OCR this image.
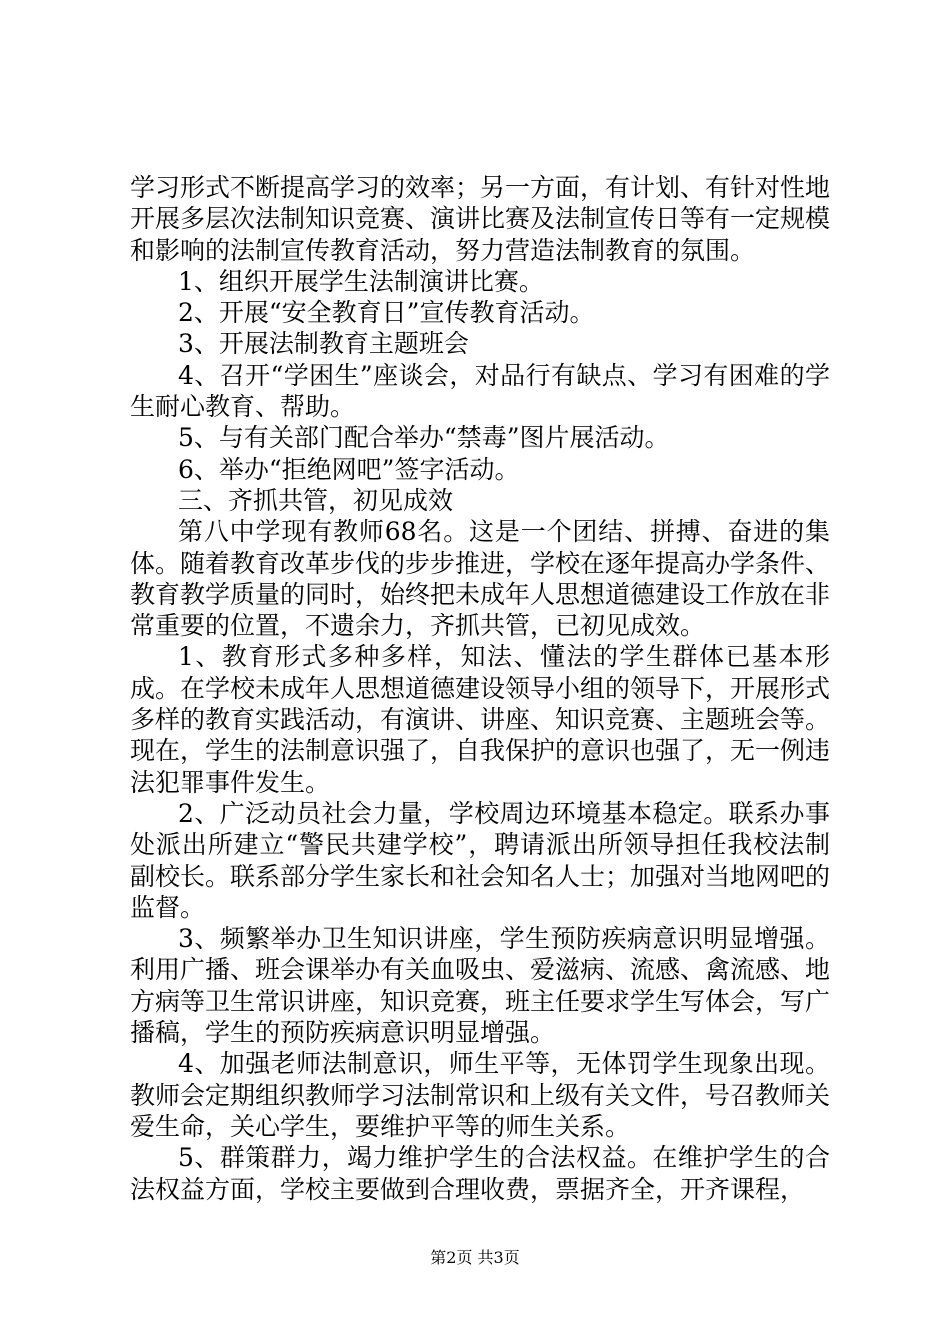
学习形式不断提高学习的效率；另一方面，有计划、有针对性地开展多层次法制知识竞赛、演讲比赛及法制宣传日等有一定规模和影响的法制宣传教育活动，努力营造法制教育的氛围。

1、组织开展学生法制演讲比赛。

2、开展“安全教育日”宣传教育活动。

3、开展法制教育主题班会

4、召开“学困生”座谈会，对品行有缺点、学习有困难的学生耐心教育、帮助。

5、与有关部门配合举办“禁毒”图片展活动。

6、举办“拒绝网吧”签字活动。

三、齐抓共管，初见成效

第八中学现有教师68名。这是一个团结、拼搏、奋进的集体。随着教育改革步伐的步步推进，学校在逐年提高办学条件、教育教学质量的同时，始终把未成年人思想道德建设工作放在非常重要的位置，不遗余力，齐抓共管，已初见成效。

1、教育形式多种多样，知法、懂法的学生群体已基本形成。在学校未成年人思想道德建设领导小组的领导下，开展形式多样的教育实践活动，有演讲、讲座、知识竞赛、主题班会等。现在，学生的法制意识强了，自我保护的意识也强了，无一例违法犯罪事件发生。

2、广泛动员社会力量，学校周边环境基本稳定。联系办事处派出所建立“警民共建学校”，聘请派出所领导担任我校法制副校长。联系部分学生家长和社会知名人士；加强对当地网吧的监督。

3、频繁举办卫生知识讲座，学生预防疾病意识明显增强。利用广播、班会课举办有关血吸虫、爱滋病、流感、禽流感、地方病等卫生常识讲座，知识竞赛，班主任要求学生写体会，写广播稿，学生的预防疾病意识明显增强。

4、加强老师法制意识，师生平等，无体罚学生现象出现。教师会定期组织教师学习法制常识和上级有关文件，号召教师关爱生命，关心学生，要维护平等的师生关系。

5、群策群力，竭力维护学生的合法权益。在维护学生的合法权益方面，学校主要做到合理收费，票据齐全，开齐课程，

第2页 共3页
